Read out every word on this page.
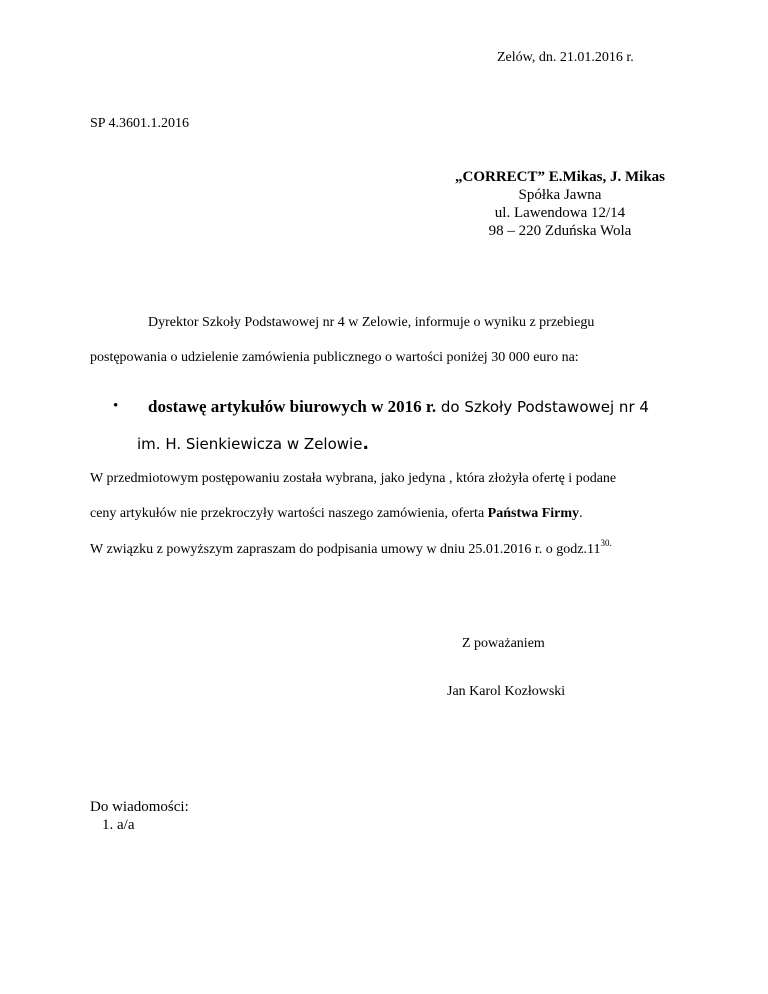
Zelów, dn. 21.01.2016 r.
SP 4.3601.1.2016
„CORRECT” E.Mikas, J. Mikas
Spółka Jawna
ul. Lawendowa 12/14
98 – 220 Zduńska Wola
Dyrektor Szkoły Podstawowej nr 4 w Zelowie, informuje o wyniku z przebiegu
postępowania o udzielenie zamówienia publicznego o wartości poniżej 30 000 euro na:
• dostawę artykułów biurowych w 2016 r. do Szkoły Podstawowej nr 4
im. H. Sienkiewicza w Zelowie.
W przedmiotowym postępowaniu została wybrana, jako jedyna , która złożyła ofertę i podane
ceny artykułów nie przekroczyły wartości naszego zamówienia, oferta Państwa Firmy.
W związku z powyższym zapraszam do podpisania umowy w dniu 25.01.2016 r. o $godz.11^{30.}$
Z poważaniem
Jan Karol Kozłowski
Do wiadomości:
1. a/a
